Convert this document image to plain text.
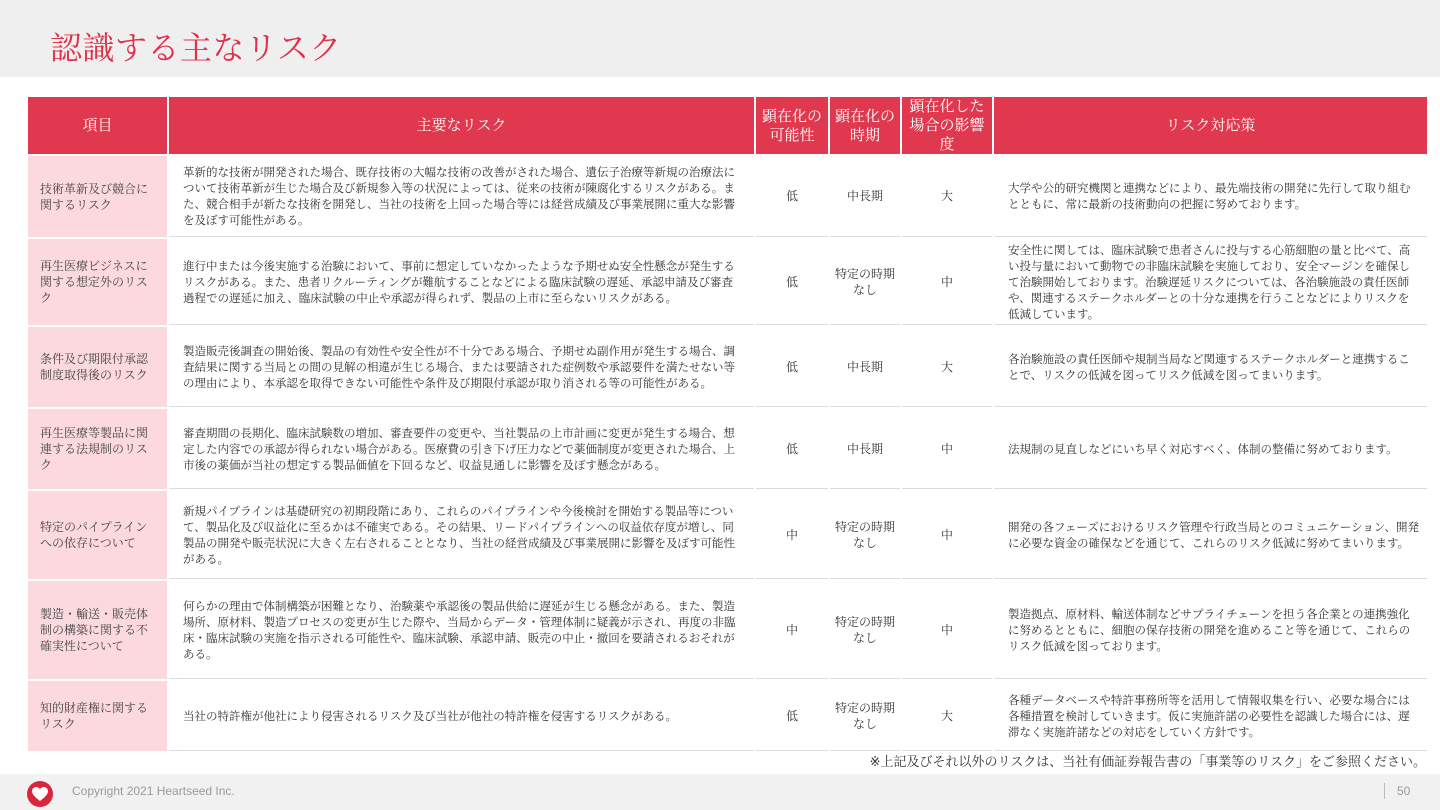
認識する主なリスク
項目	主要なリスク	顕在化の可能性	顕在化の時期	顕在化した場合の影響度	リスク対応策
技術革新及び競合に関するリスク	革新的な技術が開発された場合、既存技術の大幅な技術の改善がされた場合、遺伝子治療等新規の治療法について技術革新が生じた場合及び新規参入等の状況によっては、従来の技術が陳腐化するリスクがある。また、競合相手が新たな技術を開発し、当社の技術を上回った場合等には経営成績及び事業展開に重大な影響を及ぼす可能性がある。	低	中長期	大	大学や公的研究機関と連携などにより、最先端技術の開発に先行して取り組むとともに、常に最新の技術動向の把握に努めております。
再生医療ビジネスに関する想定外のリスク	進行中または今後実施する治験において、事前に想定していなかったような予期せぬ安全性懸念が発生するリスクがある。また、患者リクルーティングが難航することなどによる臨床試験の遅延、承認申請及び審査過程での遅延に加え、臨床試験の中止や承認が得られず、製品の上市に至らないリスクがある。	低	特定の時期なし	中	安全性に関しては、臨床試験で患者さんに投与する心筋細胞の量と比べて、高い投与量において動物での非臨床試験を実施しており、安全マージンを確保して治験開始しております。治験遅延リスクについては、各治験施設の責任医師や、関連するステークホルダーとの十分な連携を行うことなどによりリスクを低減しています。
条件及び期限付承認制度取得後のリスク	製造販売後調査の開始後、製品の有効性や安全性が不十分である場合、予期せぬ副作用が発生する場合、調査結果に関する当局との間の見解の相違が生じる場合、または要請された症例数や承認要件を満たせない等の理由により、本承認を取得できない可能性や条件及び期限付承認が取り消される等の可能性がある。	低	中長期	大	各治験施設の責任医師や規制当局など関連するステークホルダーと連携することで、リスクの低減を図ってリスク低減を図ってまいります。
再生医療等製品に関連する法規制のリスク	審査期間の長期化、臨床試験数の増加、審査要件の変更や、当社製品の上市計画に変更が発生する場合、想定した内容での承認が得られない場合がある。医療費の引き下げ圧力などで薬価制度が変更された場合、上市後の薬価が当社の想定する製品価値を下回るなど、収益見通しに影響を及ぼす懸念がある。	低	中長期	中	法規制の見直しなどにいち早く対応すべく、体制の整備に努めております。
特定のパイプラインへの依存について	新規パイプラインは基礎研究の初期段階にあり、これらのパイプラインや今後検討を開始する製品等について、製品化及び収益化に至るかは不確実である。その結果、リードパイプラインへの収益依存度が増し、同製品の開発や販売状況に大きく左右されることとなり、当社の経営成績及び事業展開に影響を及ぼす可能性がある。	中	特定の時期なし	中	開発の各フェーズにおけるリスク管理や行政当局とのコミュニケーション、開発に必要な資金の確保などを通じて、これらのリスク低減に努めてまいります。
製造・輸送・販売体制の構築に関する不確実性について	何らかの理由で体制構築が困難となり、治験薬や承認後の製品供給に遅延が生じる懸念がある。また、製造場所、原材料、製造プロセスの変更が生じた際や、当局からデータ・管理体制に疑義が示され、再度の非臨床・臨床試験の実施を指示される可能性や、臨床試験、承認申請、販売の中止・撤回を要請されるおそれがある。	中	特定の時期なし	中	製造拠点、原材料、輸送体制などサプライチェーンを担う各企業との連携強化に努めるとともに、細胞の保存技術の開発を進めること等を通じて、これらのリスク低減を図っております。
知的財産権に関するリスク	当社の特許権が他社により侵害されるリスク及び当社が他社の特許権を侵害するリスクがある。	低	特定の時期なし	大	各種データベースや特許事務所等を活用して情報収集を行い、必要な場合には各種措置を検討していきます。仮に実施許諾の必要性を認識した場合には、遅滞なく実施許諾などの対応をしていく方針です。
※上記及びそれ以外のリスクは、当社有価証券報告書の「事業等のリスク」をご参照ください。
Copyright 2021 Heartseed Inc.	50
